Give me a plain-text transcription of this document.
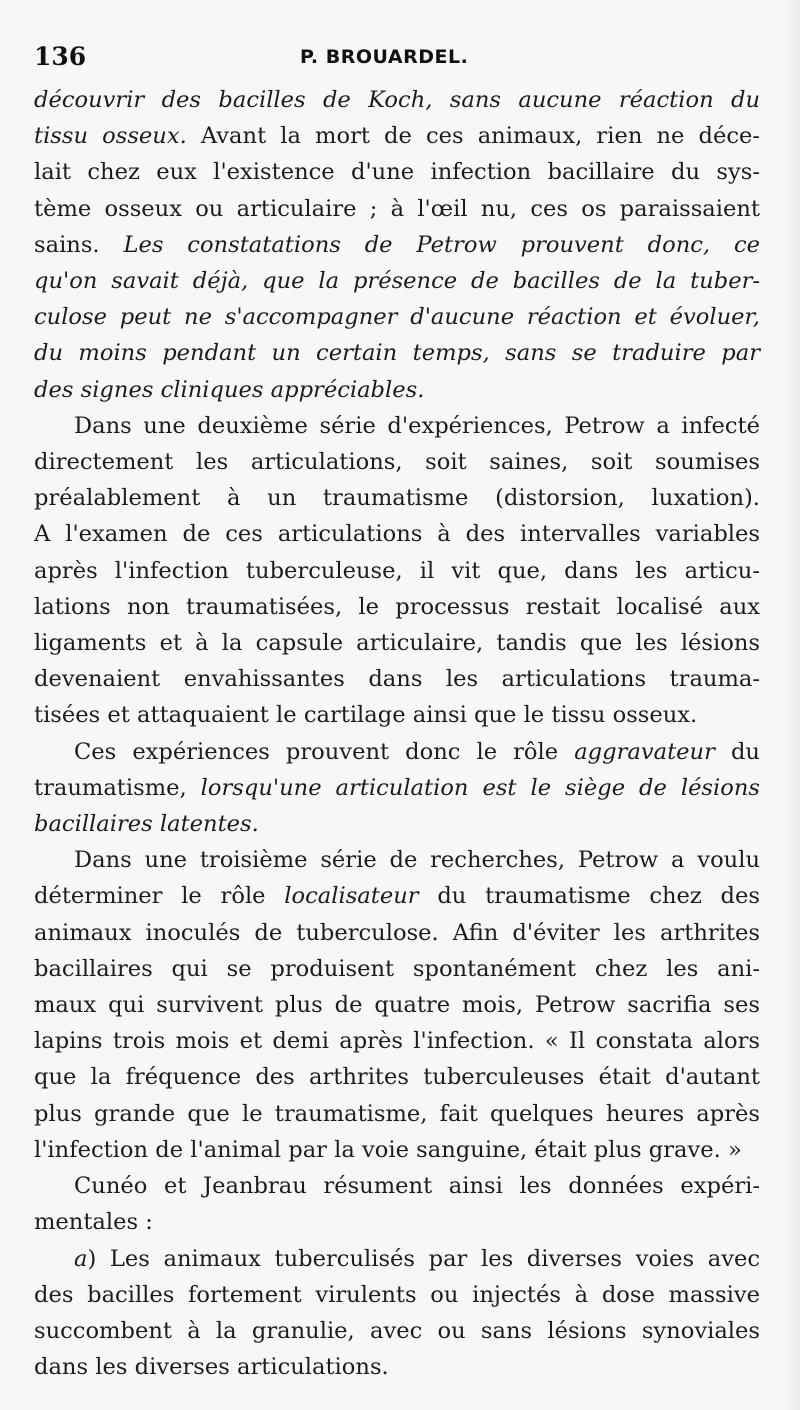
136	P. BROUARDEL.
découvrir des bacilles de Koch, sans aucune réaction du
tissu osseux. Avant la mort de ces animaux, rien ne déce-
lait chez eux l'existence d'une infection bacillaire du sys-
tème osseux ou articulaire ; à l'œil nu, ces os paraissaient
sains. Les constatations de Petrow prouvent donc, ce
qu'on savait déjà, que la présence de bacilles de la tuber-
culose peut ne s'accompagner d'aucune réaction et évoluer,
du moins pendant un certain temps, sans se traduire par
des signes cliniques appréciables.
Dans une deuxième série d'expériences, Petrow a infecté
directement les articulations, soit saines, soit soumises
préalablement à un traumatisme (distorsion, luxation).
A l'examen de ces articulations à des intervalles variables
après l'infection tuberculeuse, il vit que, dans les articu-
lations non traumatisées, le processus restait localisé aux
ligaments et à la capsule articulaire, tandis que les lésions
devenaient envahissantes dans les articulations trauma-
tisées et attaquaient le cartilage ainsi que le tissu osseux.
Ces expériences prouvent donc le rôle aggravateur du
traumatisme, lorsqu'une articulation est le siège de lésions
bacillaires latentes.
Dans une troisième série de recherches, Petrow a voulu
déterminer le rôle localisateur du traumatisme chez des
animaux inoculés de tuberculose. Afin d'éviter les arthrites
bacillaires qui se produisent spontanément chez les ani-
maux qui survivent plus de quatre mois, Petrow sacrifia ses
lapins trois mois et demi après l'infection. « Il constata alors
que la fréquence des arthrites tuberculeuses était d'autant
plus grande que le traumatisme, fait quelques heures après
l'infection de l'animal par la voie sanguine, était plus grave. »
Cunéo et Jeanbrau résument ainsi les données expéri-
mentales :
a) Les animaux tuberculisés par les diverses voies avec
des bacilles fortement virulents ou injectés à dose massive
succombent à la granulie, avec ou sans lésions synoviales
dans les diverses articulations.
